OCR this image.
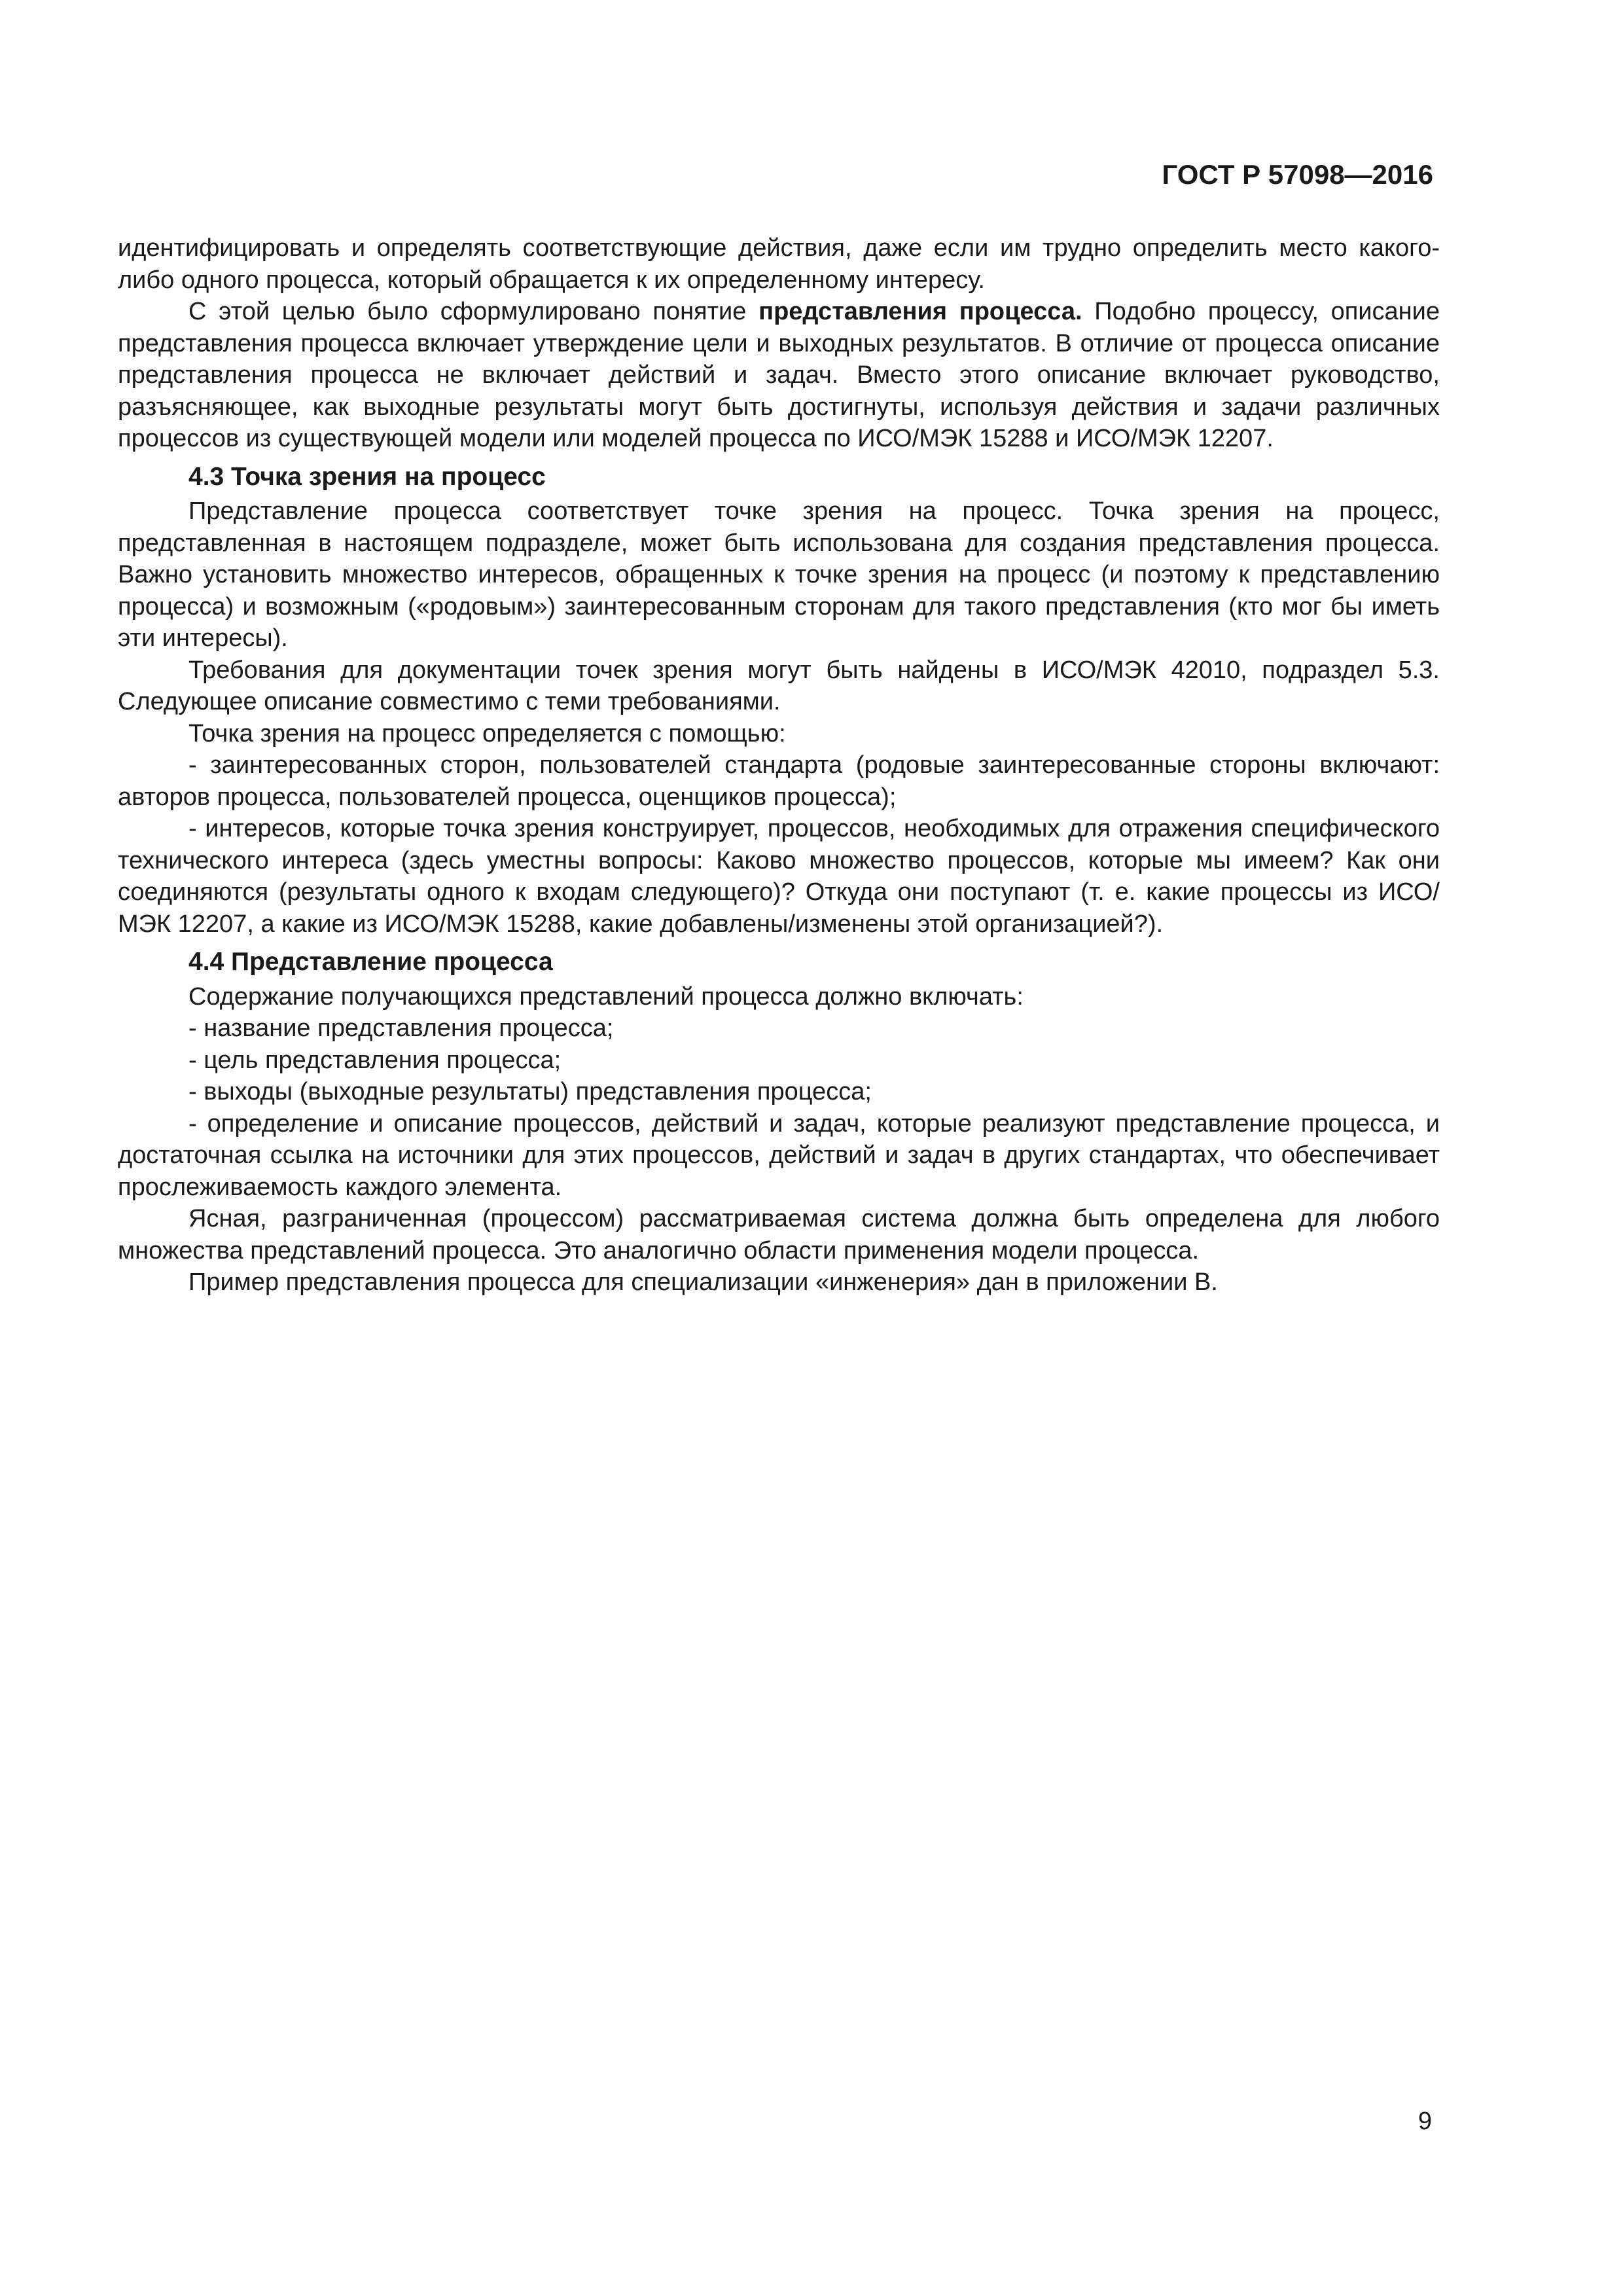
ГОСТ Р 57098—2016

идентифицировать и определять соответствующие действия, даже если им трудно определить место какого-либо одного процесса, который обращается к их определенному интересу.

С этой целью было сформулировано понятие представления процесса. Подобно процессу, описание представления процесса включает утверждение цели и выходных результатов. В отличие от процесса описание представления процесса не включает действий и задач. Вместо этого описание включает руководство, разъясняющее, как выходные результаты могут быть достигнуты, используя действия и задачи различных процессов из существующей модели или моделей процесса по ИСО/МЭК 15288 и ИСО/МЭК 12207.

4.3 Точка зрения на процесс

Представление процесса соответствует точке зрения на процесс. Точка зрения на процесс, представленная в настоящем подразделе, может быть использована для создания представления процесса. Важно установить множество интересов, обращенных к точке зрения на процесс (и поэтому к представлению процесса) и возможным («родовым») заинтересованным сторонам для такого представления (кто мог бы иметь эти интересы).

Требования для документации точек зрения могут быть найдены в ИСО/МЭК 42010, подраздел 5.3. Следующее описание совместимо с теми требованиями.

Точка зрения на процесс определяется с помощью:

- заинтересованных сторон, пользователей стандарта (родовые заинтересованные стороны включают: авторов процесса, пользователей процесса, оценщиков процесса);

- интересов, которые точка зрения конструирует, процессов, необходимых для отражения специфического технического интереса (здесь уместны вопросы: Каково множество процессов, которые мы имеем? Как они соединяются (результаты одного к входам следующего)? Откуда они поступают (т. е. какие процессы из ИСО/МЭК 12207, а какие из ИСО/МЭК 15288, какие добавлены/изменены этой организацией?).

4.4 Представление процесса

Содержание получающихся представлений процесса должно включать:

- название представления процесса;

- цель представления процесса;

- выходы (выходные результаты) представления процесса;

- определение и описание процессов, действий и задач, которые реализуют представление процесса, и достаточная ссылка на источники для этих процессов, действий и задач в других стандартах, что обеспечивает прослеживаемость каждого элемента.

Ясная, разграниченная (процессом) рассматриваемая система должна быть определена для любого множества представлений процесса. Это аналогично области применения модели процесса.

Пример представления процесса для специализации «инженерия» дан в приложении В.

9
